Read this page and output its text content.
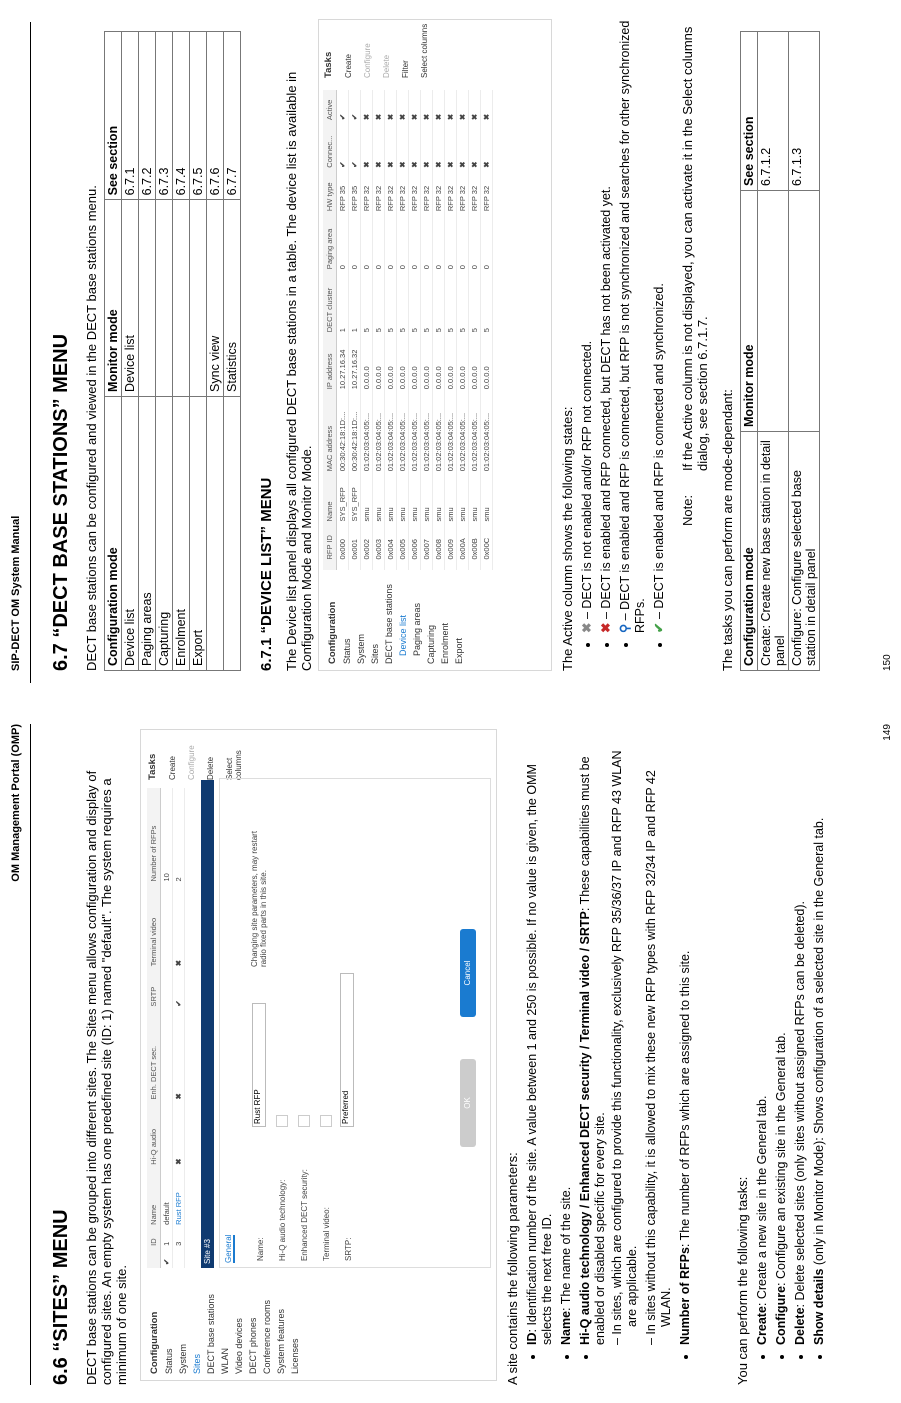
OM Management Portal (OMP)
6.6 “SITES” MENU DECT base stations can be grouped into different sites. The Sites menu allows configuration and display of configured sites. An empty system has one predefined site (ID: 1) named "default". The system requires a minimum of one site. Configuration Status System Sites DECT base stations WLAN Video devices DECT phones Conference rooms System features Licenses
	ID	Name	Hi-Q audio	Enh. DECT sec.	SRTP	Terminal video	Number of RFPs
✔	1	default					10
	3	Rust RFP	✖	✖	✔	✖	2
Tasks Create Configure Delete Select columns
Site #3 General	Name:	Hi-Q audio technology:	Enhanced DECT security:	Terminal video:	SRTP:
Rust RFP	Preferred
Changing site parameters, may restart radio fixed parts in this site.
OK
Cancel
A site contains the following parameters: • ID: Identification number of the site. A value between 1 and 250 is possible. If no value is given, the OMM selects the next free ID. • Name: The name of the site. • Hi-Q audio technology / Enhanced DECT security / Terminal video / SRTP: These capabilities must be enabled or disabled specific for every site. – In sites, which are configured to provide this functionality, exclusively RFP 35/36/37 IP and RFP 43 WLAN are applicable. – In sites without this capability, it is allowed to mix these new RFP types with RFP 32/34 IP and RFP 42 WLAN. • Number of RFPs: The number of RFPs which are assigned to this site.
You can perform the following tasks: • Create: Create a new site in the General tab.
• Configure: Configure an existing site in the General tab.
• Delete: Delete selected sites (only sites without assigned RFPs can be deleted). • Show details (only in Monitor Mode): Shows configuration of a selected site in the General tab.
149
SIP-DECT OM System Manual 6.7 “DECT BASE STATIONS” MENU DECT base stations can be configured and viewed in the DECT base stations menu. Configuration mode	Monitor mode	See section
Device list	Device list	6.7.1
Paging areas		6.7.2
Capturing		6.7.3
Enrolment		6.7.4
Export		6.7.5
	Sync view	6.7.6
	Statistics	6.7.7
6.7.1 “DEVICE LIST” MENU The Device list panel displays all configured DECT base stations in a table. The device list is available in Configuration Mode and Monitor Mode. Configuration Status System Sites DECT base stations Device list Paging areas Capturing Enrolment Export
	RFP ID	Name	MAC address	IP address	DECT cluster	Paging area	HW type	Connec...	Active
	0x000	SYS_RFP	00:30:42:18:1D:...	10.27.16.34	1	0	RFP 35	✔	✔
	0x001	SYS_RFP	00:30:42:18:1D:...	10.27.16.32	1	0	RFP 35	✔	✔
	0x002	smu	01:02:03:04:05:...	0.0.0.0	5	0	RFP 32	✖	✖
	0x003	smu	01:02:03:04:05:...	0.0.0.0	5	0	RFP 32	✖	✖
	0x004	smu	01:02:03:04:05:...	0.0.0.0	5	0	RFP 32	✖	✖
	0x005	smu	01:02:03:04:05:...	0.0.0.0	5	0	RFP 32	✖	✖
	0x006	smu	01:02:03:04:05:...	0.0.0.0	5	0	RFP 32	✖	✖
	0x007	smu	01:02:03:04:05:...	0.0.0.0	5	0	RFP 32	✖	✖
	0x008	smu	01:02:03:04:05:...	0.0.0.0	5	0	RFP 32	✖	✖
	0x009	smu	01:02:03:04:05:...	0.0.0.0	5	0	RFP 32	✖	✖
	0x00A	smu	01:02:03:04:05:...	0.0.0.0	5	0	RFP 32	✖	✖
	0x00B	smu	01:02:03:04:05:...	0.0.0.0	5	0	RFP 32	✖	✖
	0x00C	smu	01:02:03:04:05:...	0.0.0.0	5	0	RFP 32	✖	✖
Tasks Create Configure Delete Filter Select columns
The Active column shows the following states: • ✖ – DECT is not enabled and/or RFP not connected.
• ✖ – DECT is enabled and RFP connected, but DECT has not been activated yet.
• ⚲ – DECT is enabled and RFP is connected, but RFP is not synchronized and searches for other synchronized RFPs. • ✔ – DECT is enabled and RFP is connected and synchronized. Note:
If the Active column is not displayed, you can activate it in the Select columns dialog, see section 6.7.1.7. The tasks you can perform are mode-dependant: Configuration mode	Monitor mode	See section
Create: Create new base station in detail panel		6.7.1.2
Configure: Configure selected base station in detail panel		6.7.1.3
150
